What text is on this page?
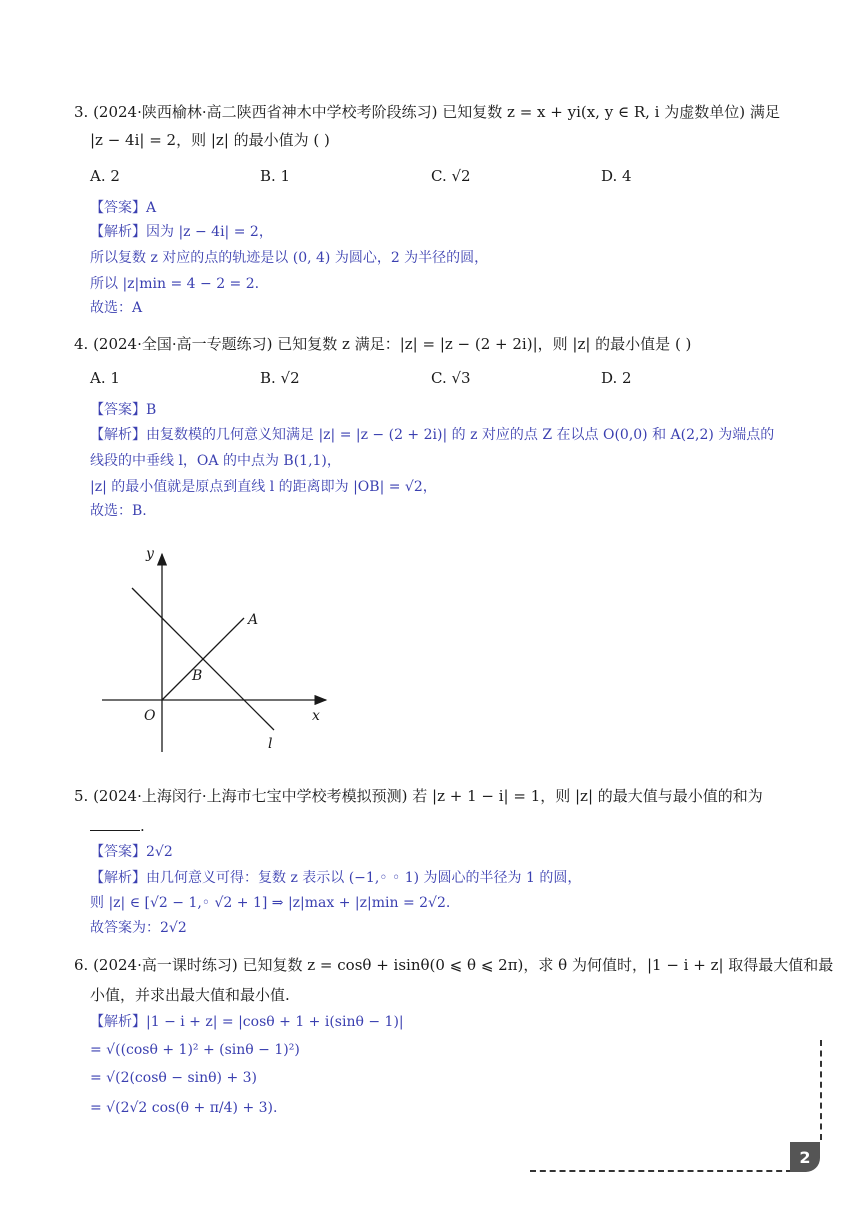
3. (2024·陕西榆林·高二陕西省神木中学校考阶段练习) 已知复数 z = x + yi(x, y ∈ R, i 为虚数单位) 满足
|z − 4i| = 2，则 |z| 的最小值为 ( )
A. 2	B. 1	C. √2	D. 4
【答案】A
【解析】因为 |z − 4i| = 2，
所以复数 z 对应的点的轨迹是以 (0, 4) 为圆心，2 为半径的圆，
所以 |z|min = 4 − 2 = 2.
故选：A
4. (2024·全国·高一专题练习) 已知复数 z 满足：|z| = |z − (2 + 2i)|，则 |z| 的最小值是 ( )
A. 1	B. √2	C. √3	D. 2
【答案】B
【解析】由复数模的几何意义知满足 |z| = |z − (2 + 2i)| 的 z 对应的点 Z 在以点 O(0,0) 和 A(2,2) 为端点的
线段的中垂线 l，OA 的中点为 B(1,1)，
|z| 的最小值就是原点到直线 l 的距离即为 |OB| = √2，
故选：B.
y
x
O
A
B
l
5. (2024·上海闵行·上海市七宝中学校考模拟预测) 若 |z + 1 − i| = 1，则 |z| 的最大值与最小值的和为
.
【答案】2√2
【解析】由几何意义可得：复数 z 表示以 (−1,◦ ◦ 1) 为圆心的半径为 1 的圆，
则 |z| ∈ [√2 − 1,◦ √2 + 1] ⇒ |z|max + |z|min = 2√2.
故答案为：2√2
6. (2024·高一课时练习) 已知复数 z = cosθ + isinθ(0 ⩽ θ ⩽ 2π)，求 θ 为何值时，|1 − i + z| 取得最大值和最
小值，并求出最大值和最小值.
【解析】|1 − i + z| = |cosθ + 1 + i(sinθ − 1)|
= √((cosθ + 1)² + (sinθ − 1)²)
= √(2(cosθ − sinθ) + 3)
= √(2√2 cos(θ + π/4) + 3).
2
